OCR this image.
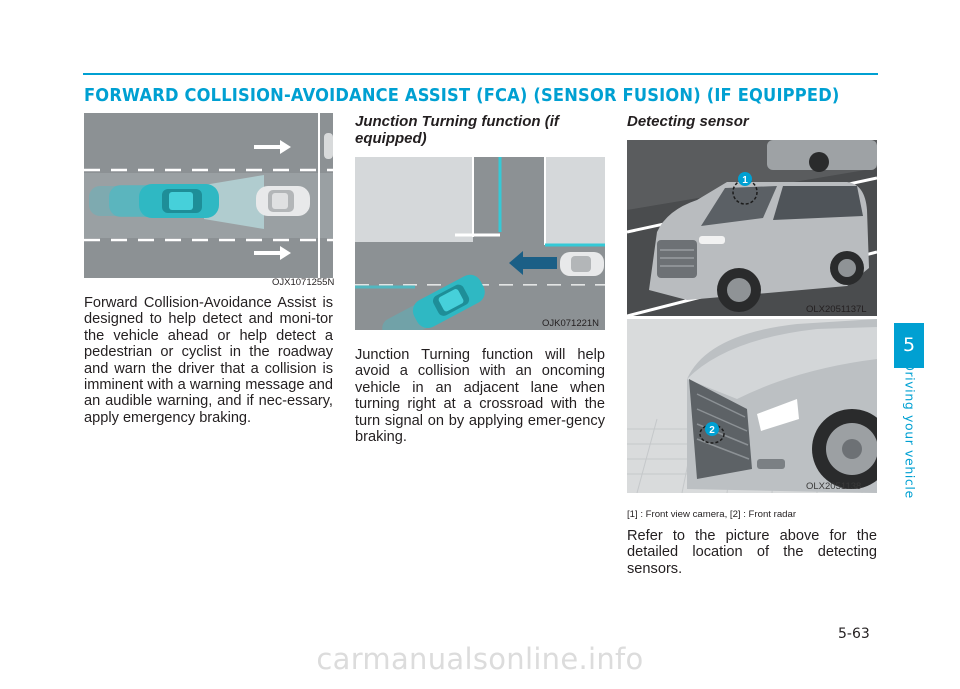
FORWARD COLLISION-AVOIDANCE ASSIST (FCA) (SENSOR FUSION) (IF EQUIPPED)
OJX1071255N
Forward Collision-Avoidance Assist is designed to help detect and moni-tor the vehicle ahead or help detect a pedestrian or cyclist in the roadway and warn the driver that a collision is imminent with a warning message and an audible warning, and if nec-essary, apply emergency braking.
Junction Turning function (if equipped)
OJK071221N
Junction Turning function will help avoid a collision with an oncoming vehicle in an adjacent lane when turning right at a crossroad with the turn signal on by applying emer-gency braking.
Detecting sensor
1
OLX2051137L
2
OLX2051138
[1] : Front view camera, [2] : Front radar
Refer to the picture above for the detailed location of the detecting sensors.
5
Driving your vehicle
5-63
carmanualsonline.info
